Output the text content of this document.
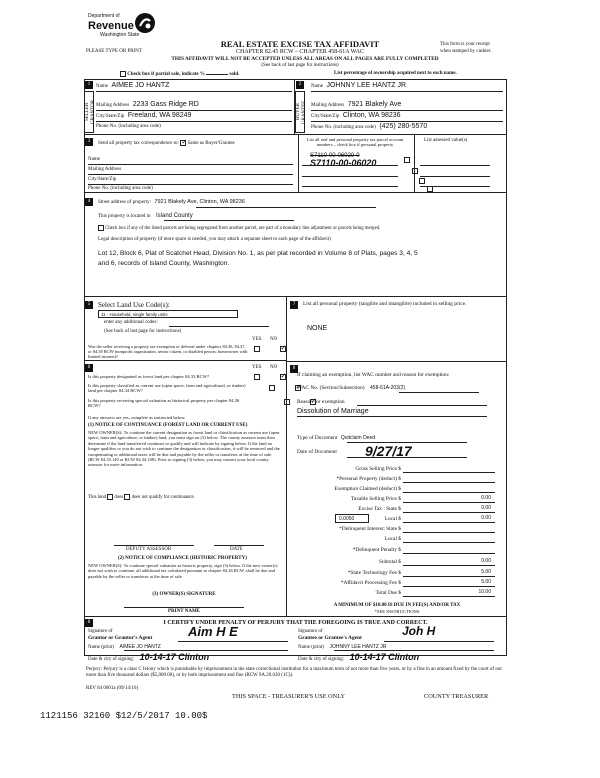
Department of
Revenue
Washington State
PLEASE TYPE OR PRINT
REAL ESTATE EXCISE TAX AFFIDAVIT
CHAPTER 82.45 RCW – CHAPTER 458-61A WAC
THIS AFFIDAVIT WILL NOT BE ACCEPTED UNLESS ALL AREAS ON ALL PAGES ARE FULLY COMPLETED
(See back of last page for instructions)
This form is your receipt
when stamped by cashier.
Check box if partial sale, indicate %	sold.	List percentage of ownership acquired next to each name.
1
SELLER GRANTOR
Name AIMEE JO HANTZ
Mailing Address 2233 Gass Ridge RD
City/State/Zip Freeland, WA 98249
Phone No. (including area code)
2
BUYER GRANTEE
Name JOHNNY LEE HANTZ JR
Mailing Address 7921 Blakely Ave
City/State/Zip Clinton, WA 98236
Phone No. (including area code) (425) 280-5570
3	Send all property tax correspondence to: ✓ Same as Buyer/Grantee
Name
Mailing Address
City/State/Zip
Phone No. (including area code)
List all real and personal property tax parcel account numbers – check box if personal property
List assessed value(s)
S7110-00-06020-0
S7110-00-06020

4	Street address of property: 7921 Blakely Ave, Clinton, WA 98236
This property is located in Island County
Check box if any of the listed parcels are being segregated from another parcel, are part of a boundary line adjustment or parcels being merged.
Legal description of property (if more space is needed, you may attach a separate sheet to each page of the affidavit)
Lot 12, Block 6, Plat of Scatchet Head, Division No. 1, as per plat recorded in Volume 8 of Plats, pages 3, 4, 5 and 6, records of Island County, Washington.
5	Select Land Use Code(s):
11 - Household, single family units
enter any additional codes:
(See back of last page for instructions)
YES NO
Was the seller receiving a property tax exemption or deferral under chapters 84.36, 84.37, or 84.38 RCW (nonprofit organization, senior citizen, or disabled person, homeowner with limited income)?
✓
6	YES NO
Is this property designated as forest land per chapter 84.33 RCW?
✓
Is this property classified as current use (open space, farm and agricultural, or timber) land per chapter 84.34 RCW?
✓
Is this property receiving special valuation as historical property per chapter 84.26 RCW?
✓
If any answers are yes, complete as instructed below.
(1) NOTICE OF CONTINUANCE (FOREST LAND OR CURRENT USE)
NEW OWNER(S): To continue the current designation as forest land or classification as current use (open space, farm and agriculture, or timber) land, you must sign on (3) below. The county assessor must then determine if the land transferred continues to qualify and will indicate by signing below. If the land no longer qualifies or you do not wish to continue the designation or classification, it will be removed and the compensating or additional taxes will be due and payable by the seller or transferor at the time of sale. (RCW 84.33.140 or RCW 84.34.108). Prior to signing (3) below, you may contact your local county assessor for more information.
This land does does not qualify for continuance.
DEPUTY ASSESSOR	DATE
(2) NOTICE OF COMPLIANCE (HISTORIC PROPERTY)
NEW OWNER(S): To continue special valuation as historic property, sign (3) below. If the new owner(s) does not wish to continue, all additional tax calculated pursuant to chapter 84.26 RCW, shall be due and payable by the seller or transferor at the time of sale.
(3) OWNER(S) SIGNATURE
PRINT NAME
7	List all personal property (tangible and intangible) included in selling price.
NONE
8
If claiming an exemption, list WAC number and reason for exemption:
WAC No. (Section/Subsection) 458-61A-203(2)
Reason for exemption
Dissolution of Marriage
Type of Document Quitclaim Deed
Date of Document 9/27/17
Gross Selling Price $
*Personal Property (deduct) $
Exemption Claimed (deduct) $
Taxable Selling Price $	0.00
Excise Tax : State $	0.00
0.0050	Local $	0.00
*Delinquent Interest: State $
Local $
*Delinquent Penalty $
Subtotal $	0.00
*State Technology Fee $	5.00
*Affidavit Processing Fee $	5.00
Total Due $	10.00
A MINIMUM OF $10.00 IS DUE IN FEE(S) AND/OR TAX
*SEE INSTRUCTIONS
8	I CERTIFY UNDER PENALTY OF PERJURY THAT THE FOREGOING IS TRUE AND CORRECT.
Signature of
Grantor or Grantor's Agent	Aim H E
Name (print) AIMEE JO HANTZ
Date & city of signing: 10-14-17 Clinton
Signature of
Grantee or Grantee's Agent	Joh H
Name (print) JOHNNY LEE HANTZ JR
Date & city of signing: 10-14-17 Clinton
Perjury: Perjury is a class C felony which is punishable by imprisonment in the state correctional institution for a maximum term of not more than five years, or by a fine in an amount fixed by the court of not more than five thousand dollars ($5,000.00), or by both imprisonment and fine (RCW 9A.20.020 (1C)).
REV 84 0001a (09/14/16)
THIS SPACE - TREASURER'S USE ONLY	COUNTY TREASURER
1121156 32160 $12/5/2017 10.00$
